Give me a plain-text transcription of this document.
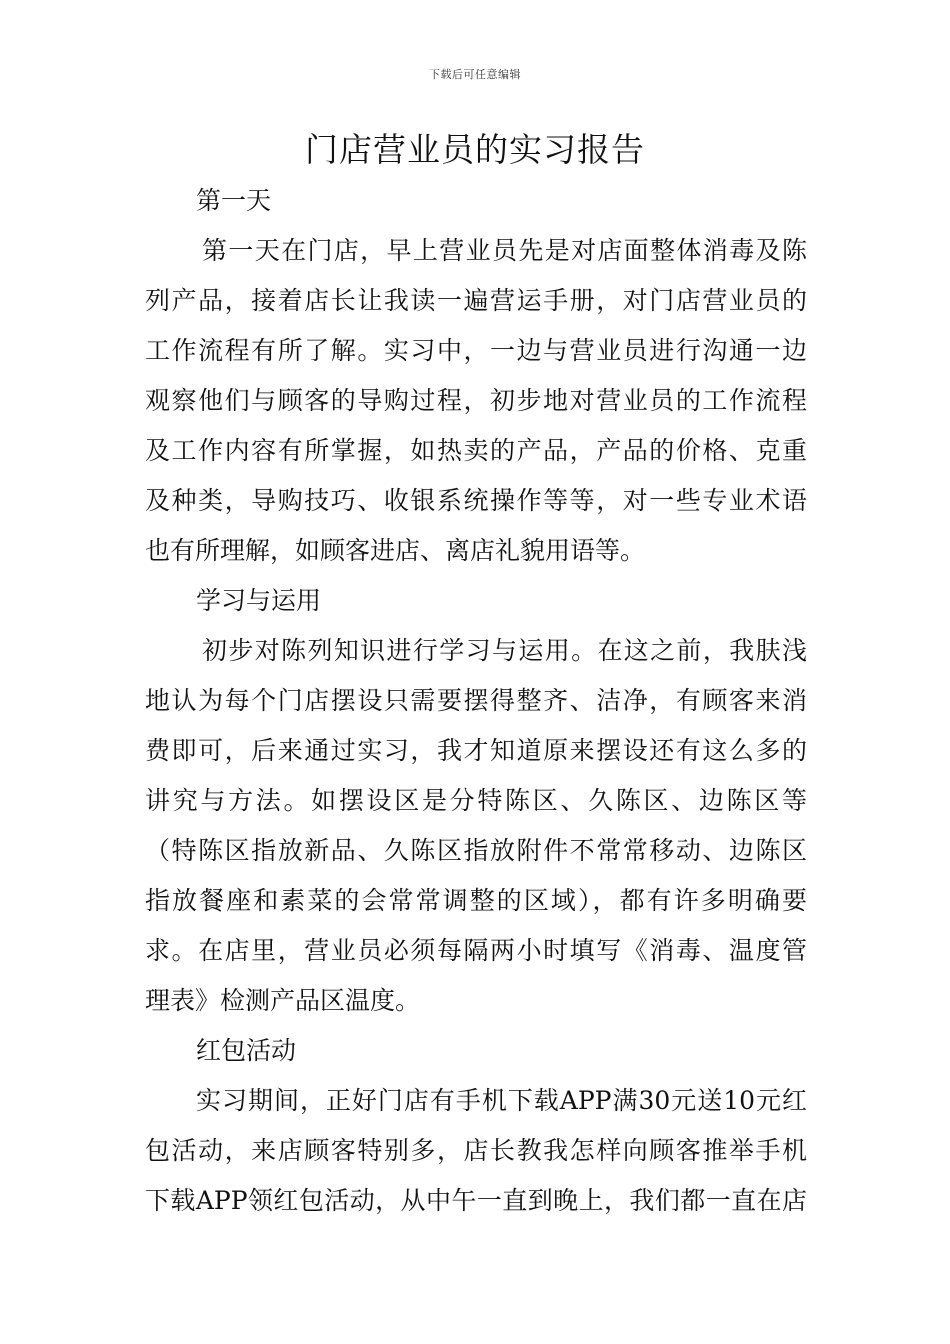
下载后可任意编辑
门店营业员的实习报告
第一天
第一天在门店，早上营业员先是对店面整体消毒及陈
列产品，接着店长让我读一遍营运手册，对门店营业员的
工作流程有所了解。实习中，一边与营业员进行沟通一边
观察他们与顾客的导购过程，初步地对营业员的工作流程
及工作内容有所掌握，如热卖的产品，产品的价格、克重
及种类，导购技巧、收银系统操作等等，对一些专业术语
也有所理解，如顾客进店、离店礼貌用语等。
学习与运用
初步对陈列知识进行学习与运用。在这之前，我肤浅
地认为每个门店摆设只需要摆得整齐、洁净，有顾客来消
费即可，后来通过实习，我才知道原来摆设还有这么多的
讲究与方法。如摆设区是分特陈区、久陈区、边陈区等
（特陈区指放新品、久陈区指放附件不常常移动、边陈区
指放餐座和素菜的会常常调整的区域），都有许多明确要
求。在店里，营业员必须每隔两小时填写《消毒、温度管
理表》检测产品区温度。
红包活动
实习期间，正好门店有手机下载APP满30元送10元红
包活动，来店顾客特别多，店长教我怎样向顾客推举手机
下载APP领红包活动，从中午一直到晚上，我们都一直在店
